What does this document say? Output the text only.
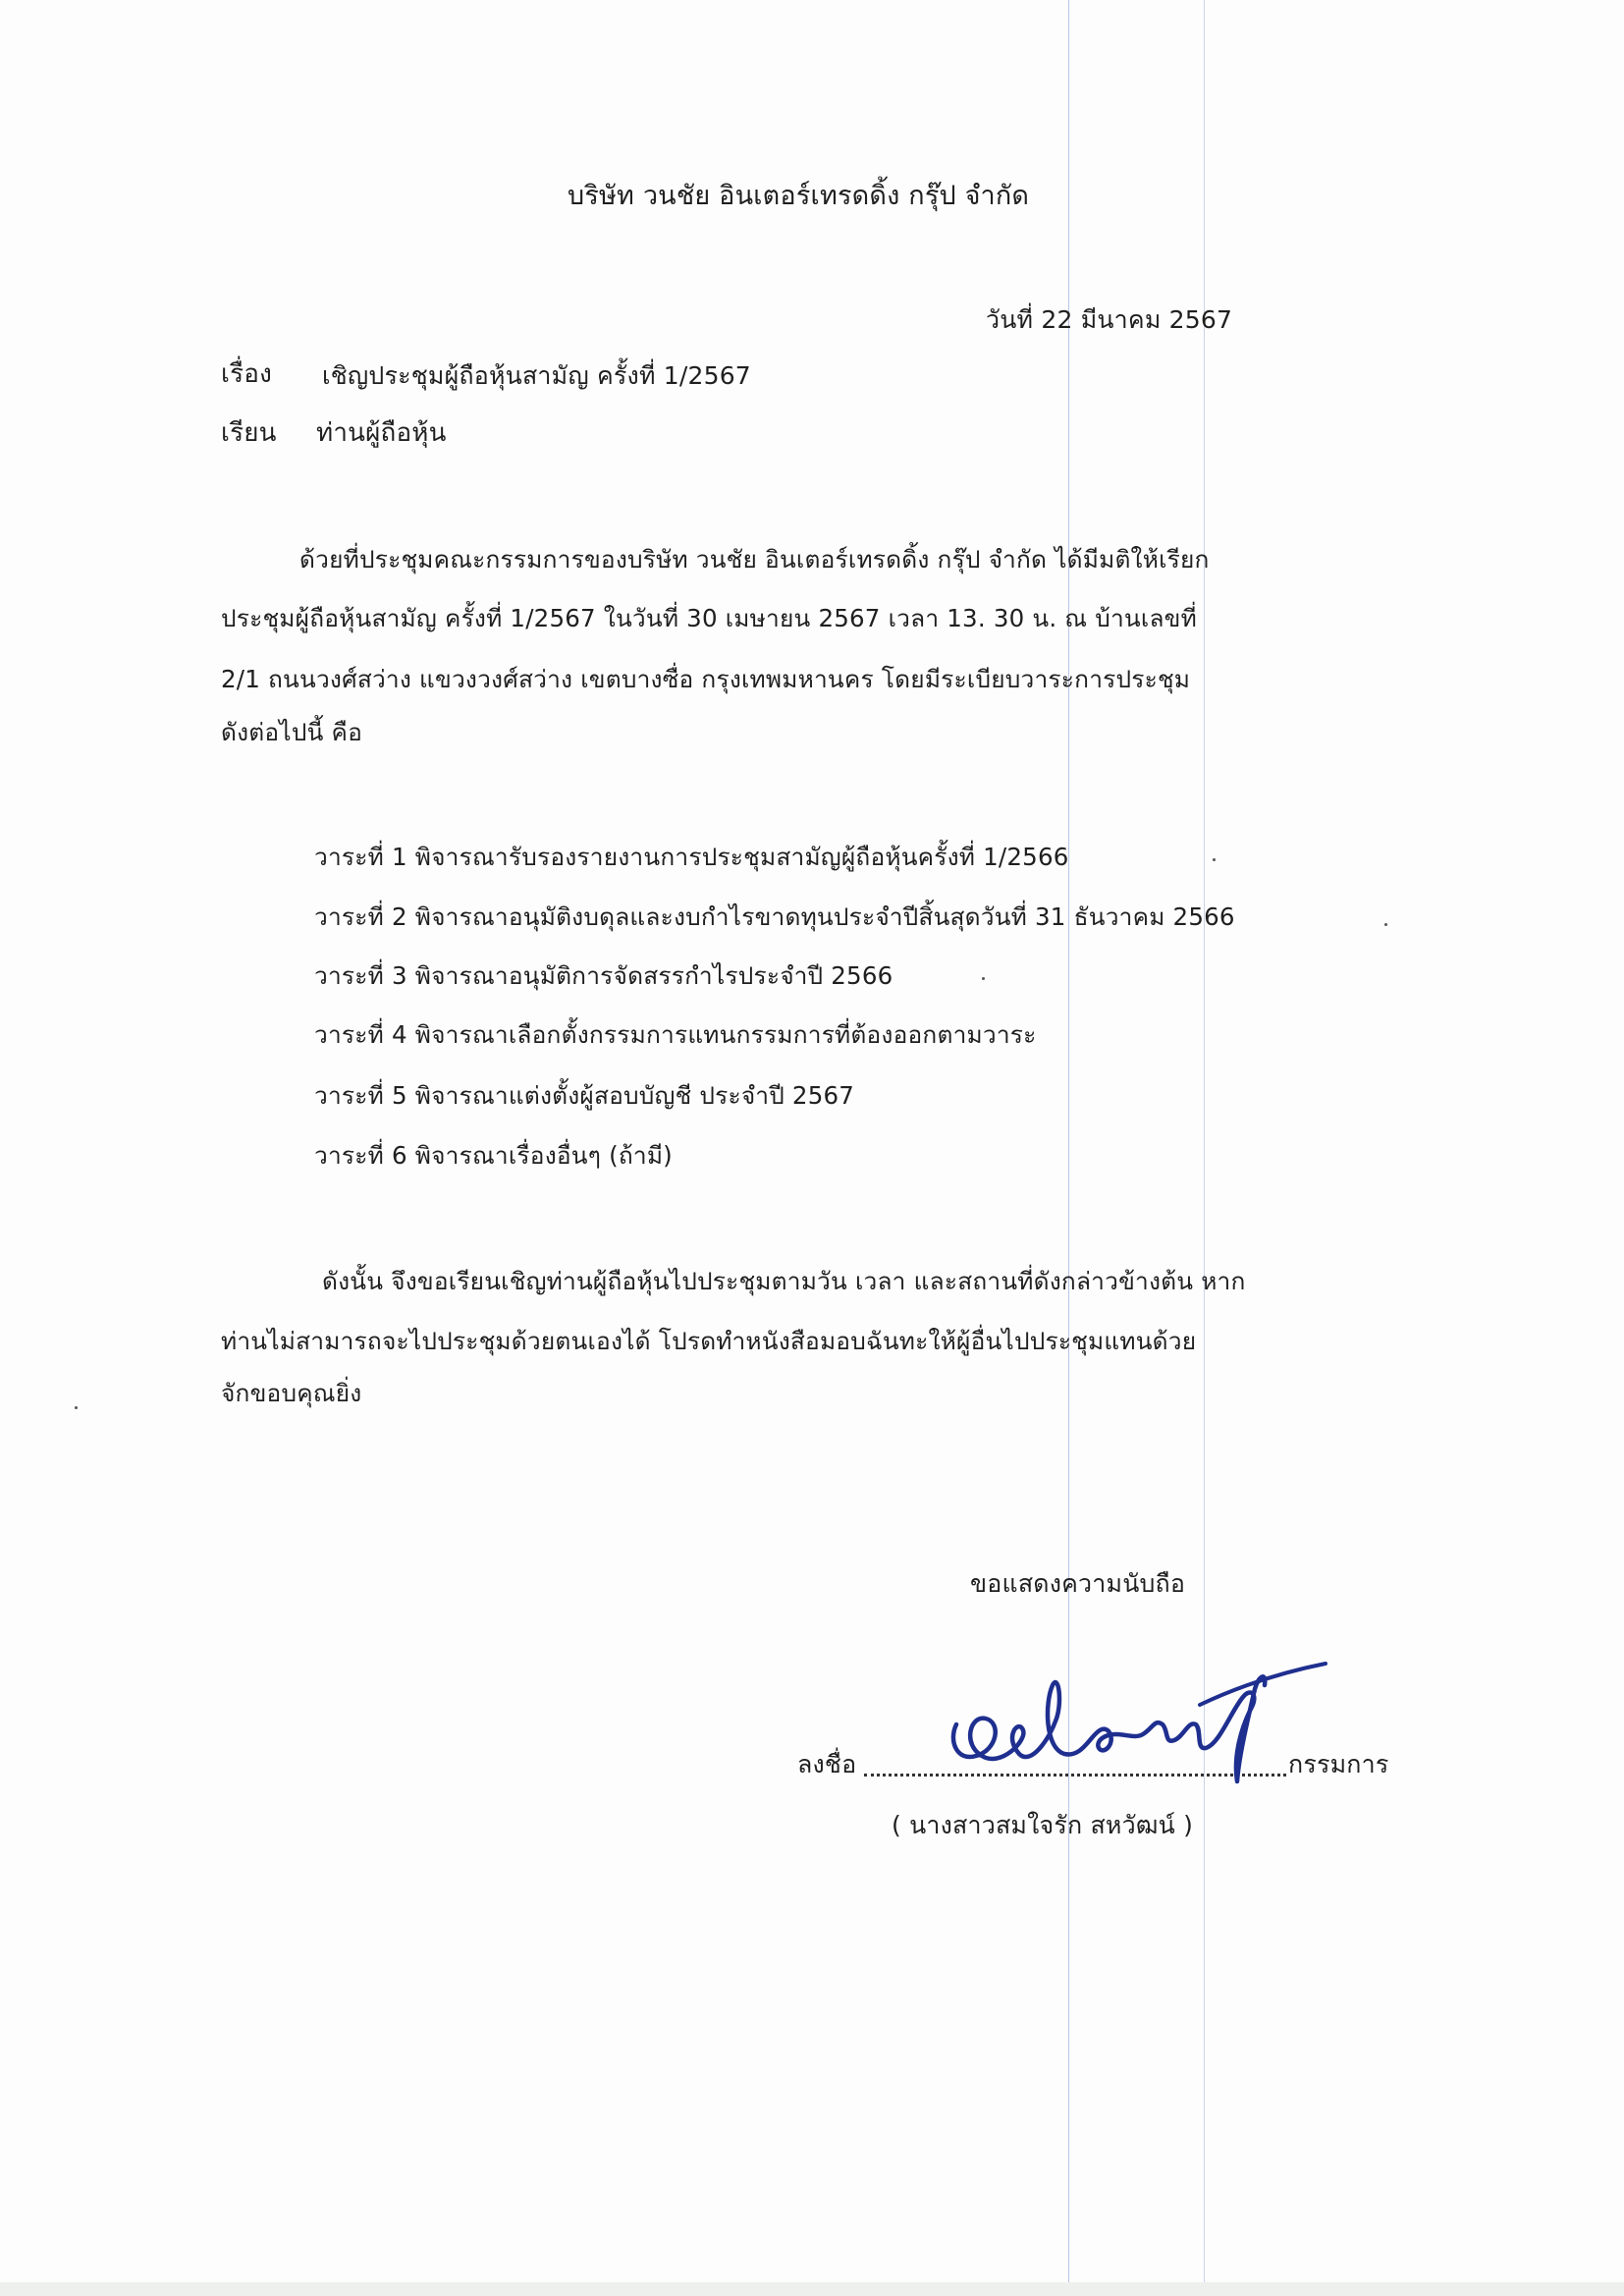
บริษัท วนชัย อินเตอร์เทรดดิ้ง กรุ๊ป จำกัด
วันที่ 22 มีนาคม 2567
เรื่อง เชิญประชุมผู้ถือหุ้นสามัญ ครั้งที่ 1/2567
เรียน ท่านผู้ถือหุ้น
ด้วยที่ประชุมคณะกรรมการของบริษัท วนชัย อินเตอร์เทรดดิ้ง กรุ๊ป จำกัด ได้มีมติให้เรียก
ประชุมผู้ถือหุ้นสามัญ ครั้งที่ 1/2567 ในวันที่ 30 เมษายน 2567 เวลา 13. 30 น. ณ บ้านเลขที่
2/1 ถนนวงศ์สว่าง แขวงวงศ์สว่าง เขตบางซื่อ กรุงเทพมหานคร โดยมีระเบียบวาระการประชุม
ดังต่อไปนี้ คือ
วาระที่ 1 พิจารณารับรองรายงานการประชุมสามัญผู้ถือหุ้นครั้งที่ 1/2566
วาระที่ 2 พิจารณาอนุมัติงบดุลและงบกำไรขาดทุนประจำปีสิ้นสุดวันที่ 31 ธันวาคม 2566
วาระที่ 3 พิจารณาอนุมัติการจัดสรรกำไรประจำปี 2566
วาระที่ 4 พิจารณาเลือกตั้งกรรมการแทนกรรมการที่ต้องออกตามวาระ
วาระที่ 5 พิจารณาแต่งตั้งผู้สอบบัญชี ประจำปี 2567
วาระที่ 6 พิจารณาเรื่องอื่นๆ (ถ้ามี)
ดังนั้น จึงขอเรียนเชิญท่านผู้ถือหุ้นไปประชุมตามวัน เวลา และสถานที่ดังกล่าวข้างต้น หาก
ท่านไม่สามารถจะไปประชุมด้วยตนเองได้ โปรดทำหนังสือมอบฉันทะให้ผู้อื่นไปประชุมแทนด้วย
จักขอบคุณยิ่ง
ขอแสดงความนับถือ
ลงชื่อ	กรรมการ
( นางสาวสมใจรัก สหวัฒน์ )
